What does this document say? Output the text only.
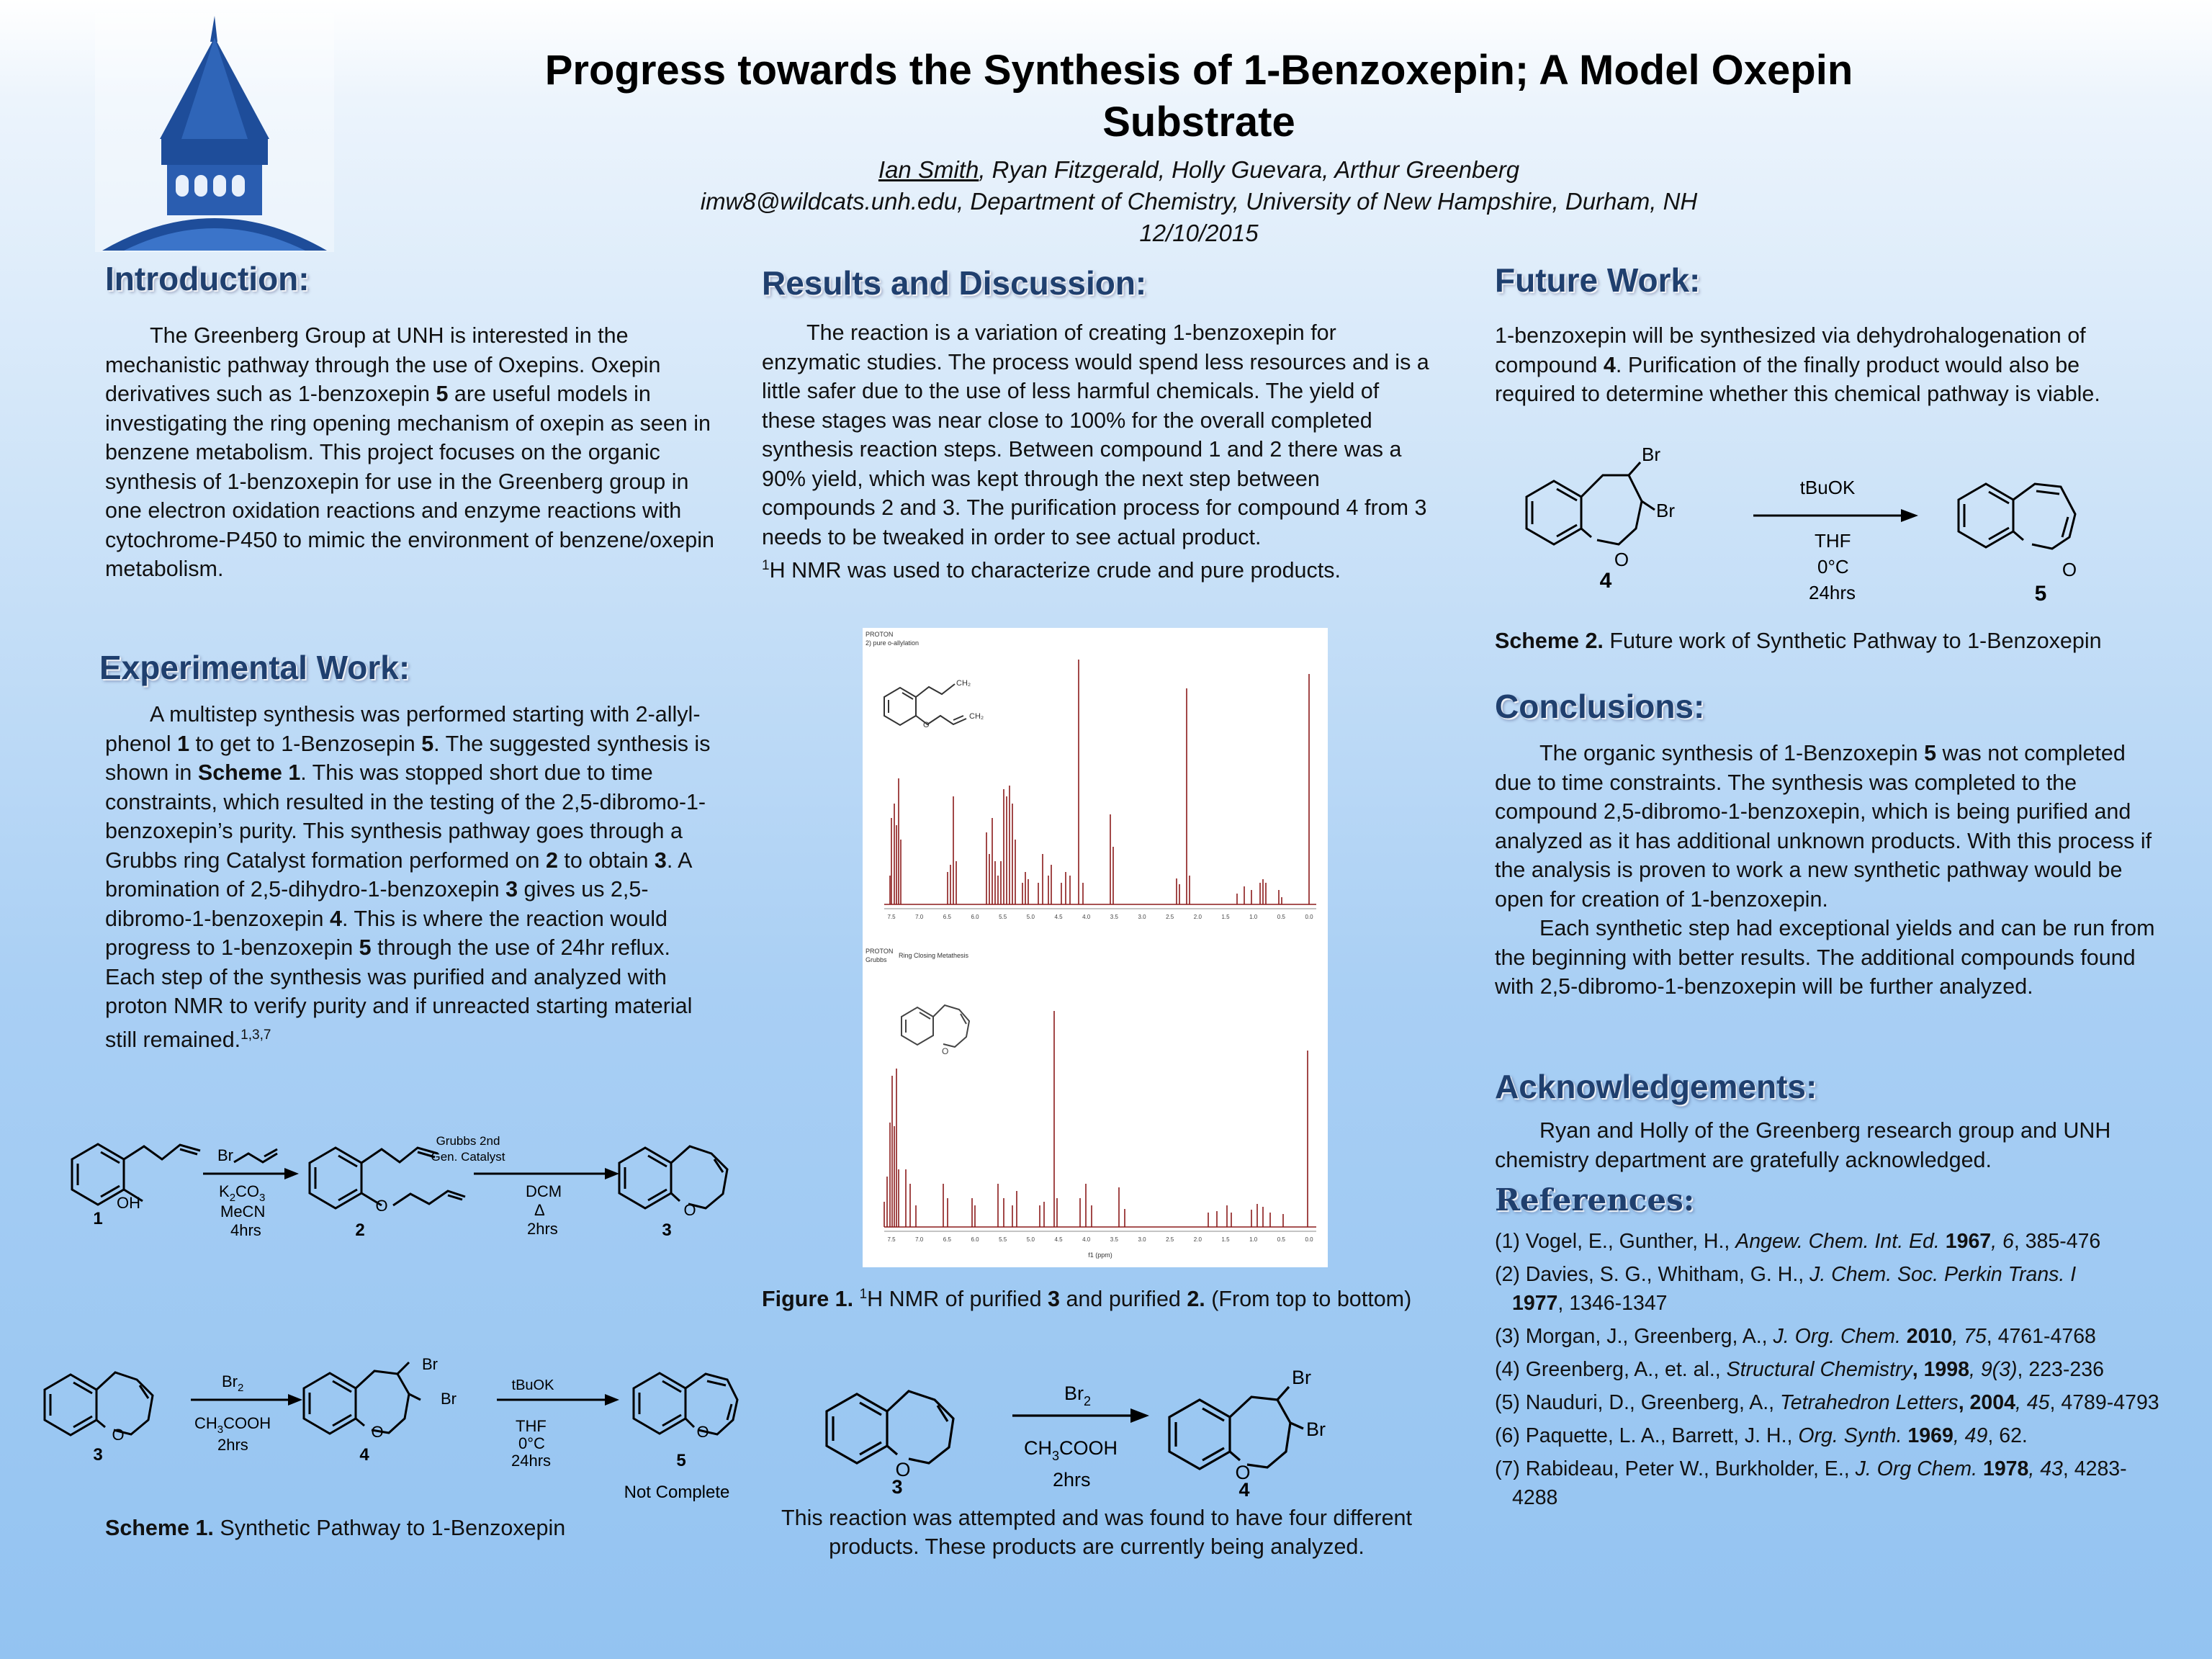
Progress towards the Synthesis of 1-Benzoxepin; A Model Oxepin
Substrate
Ian Smith, Ryan Fitzgerald, Holly Guevara, Arthur Greenberg
imw8@wildcats.unh.edu, Department of Chemistry, University of New Hampshire, Durham, NH
12/10/2015
Introduction:

The Greenberg Group at UNH is interested in the mechanistic pathway through the use of Oxepins. Oxepin derivatives such as 1-benzoxepin 5 are useful models in investigating the ring opening mechanism of oxepin as seen in benzene metabolism. This project focuses on the organic synthesis of 1-benzoxepin for use in the Greenberg group in one electron oxidation reactions and enzyme reactions with cytochrome-P450 to mimic the environment of benzene/oxepin metabolism.

Experimental Work:

A multistep synthesis was performed starting with 2-allyl-phenol 1 to get to 1-Benzosepin 5. The suggested synthesis is shown in Scheme 1. This was stopped short due to time constraints, which resulted in the testing of the 2,5-dibromo-1-benzoxepin’s purity. This synthesis pathway goes through a Grubbs ring Catalyst formation performed on 2 to obtain 3. A bromination of 2,5-dihydro-1-benzoxepin 3 gives us 2,5-dibromo-1-benzoxepin 4. This is where the reaction would progress to 1-benzoxepin 5 through the use of 24hr reflux. Each step of the synthesis was purified and analyzed with proton NMR to verify purity and if unreacted starting material still remained.$^{1,3,7}$

OH	O	O
O	O	O
Br
$K_2CO_3$
MeCN
4hrs
DCM
Δ
2hrs
$Br_2$
$CH_3COOH$
2hrs
Br
Br
THF
0°C
24hrs
Grubbs 2nd
Gen. Catalyst
tBuOK
Not Complete
1
2	3
3	4	5
Scheme 1. Synthetic Pathway to 1-Benzoxepin
Results and Discussion:

The reaction is a variation of creating 1-benzoxepin for enzymatic studies. The process would spend less resources and is a little safer due to the use of less harmful chemicals. The yield of these stages was near close to 100% for the overall completed synthesis reaction steps. Between compound 1 and 2 there was a 90% yield, which was kept through the next step between compounds 2 and 3. The purification process for compound 4 from 3 needs to be tweaked in order to see actual product.

$^1$H NMR was used to characterize crude and pure products.

PROTON
2) pure o-allylation
PROTON
Grubbs
Ring Closing Metathesis
f1 (ppm)
CH₂
O
CH₂
O
7.5	7.0	6.5	6.0	5.5	5.0	4.5	4.0	3.5	3.0	2.5	2.0	1.5	1.0	0.5	0.0
7.5	7.0	6.5	6.0	5.5	5.0	4.5	4.0	3.5	3.0	2.5	2.0	1.5	1.0	0.5	0.0
Figure 1. $^1$H NMR of purified 3 and purified 2. (From top to bottom)
$Br_2$
$CH_3COOH$
2hrs
O	O
Br
Br
3	4
This reaction was attempted and was found to have four different products. These products are currently being analyzed.
Future Work:

1-benzoxepin will be synthesized via dehydrohalogenation of compound 4. Purification of the finally product would also be required to determine whether this chemical pathway is viable.

Br
Br
O	O
THF
0°C
24hrs
tBuOK
4
5
Scheme 2. Future work of Synthetic Pathway to 1-Benzoxepin
Conclusions:

The organic synthesis of 1-Benzoxepin 5 was not completed due to time constraints. The synthesis was completed to the compound 2,5-dibromo-1-benzoxepin, which is being purified and analyzed as it has additional unknown products. With this process if the analysis is proven to work a new synthetic pathway would be open for creation of 1-benzoxepin.

Each synthetic step had exceptional yields and can be run from the beginning with better results. The additional compounds found with 2,5-dibromo-1-benzoxepin will be further analyzed.

Acknowledgements:

Ryan and Holly of the Greenberg research group and UNH chemistry department are gratefully acknowledged.

References:

(1) Vogel, E., Gunther, H., Angew. Chem. Int. Ed. 1967, 6, 385-476

(2) Davies, S. G., Whitham, G. H., J. Chem. Soc. Perkin Trans. I
1977, 1346-1347

(3) Morgan, J., Greenberg, A., J. Org. Chem. 2010, 75, 4761-4768

(4) Greenberg, A., et. al., Structural Chemistry, 1998, 9(3), 223-236

(5) Nauduri, D., Greenberg, A., Tetrahedron Letters, 2004, 45, 4789-4793

(6) Paquette, L. A., Barrett, J. H., Org. Synth. 1969, 49, 62.

(7) Rabideau, Peter W., Burkholder, E., J. Org Chem. 1978, 43, 4283-4288
